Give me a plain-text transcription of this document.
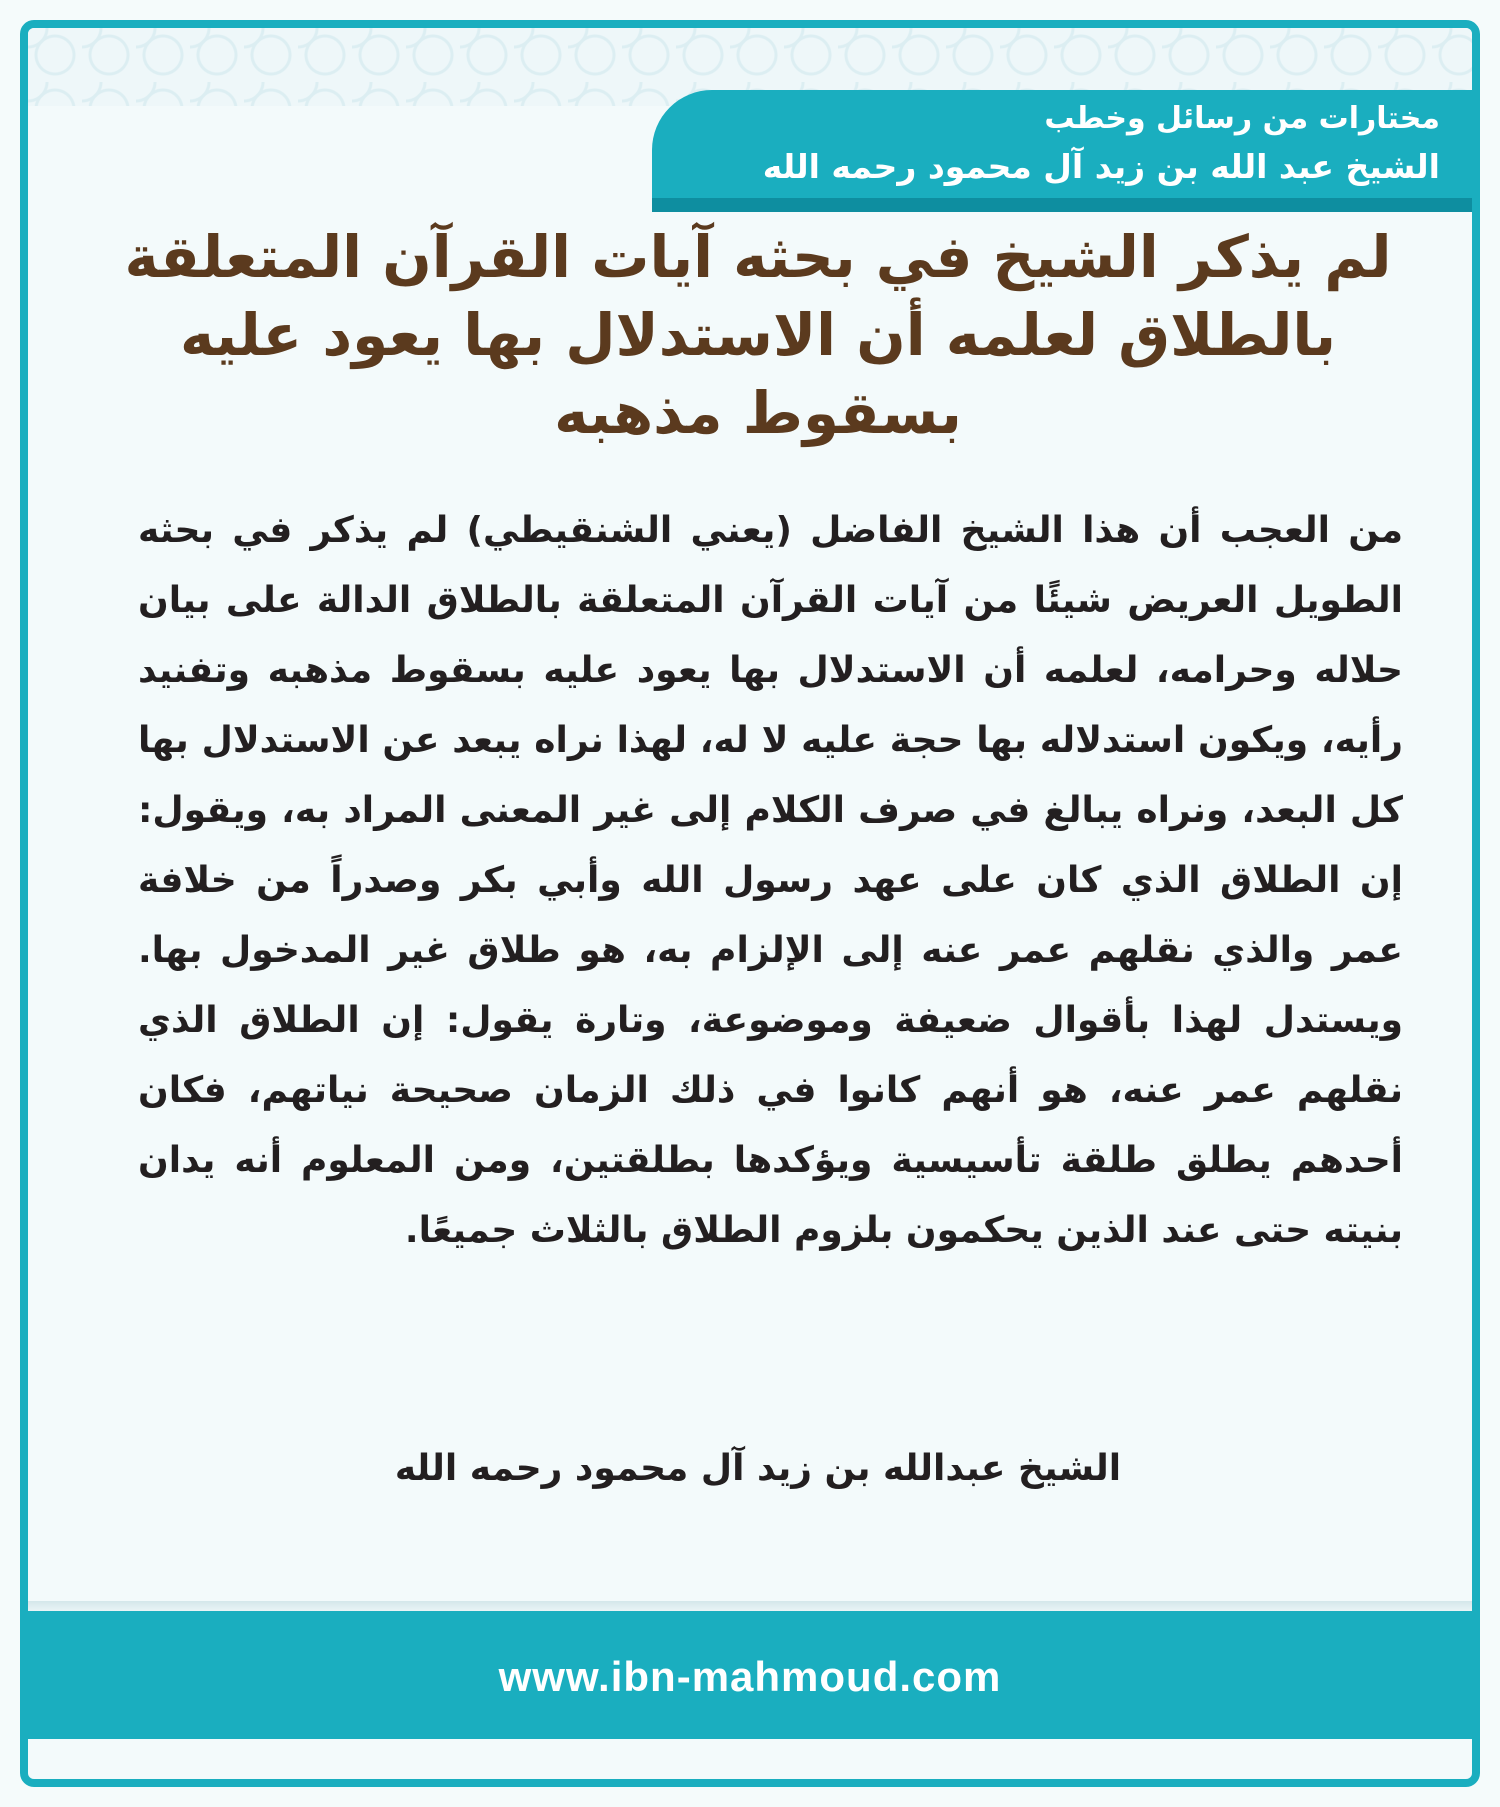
مختارات من رسائل وخطب
الشيخ عبد الله بن زيد آل محمود رحمه الله
لم يذكر الشيخ في بحثه آيات القرآن المتعلقة بالطلاق لعلمه أن الاستدلال بها يعود عليه بسقوط مذهبه
من العجب أن هذا الشيخ الفاضل (يعني الشنقيطي) لم يذكر في بحثه الطويل العريض شيئًا من آيات القرآن المتعلقة بالطلاق الدالة على بيان حلاله وحرامه، لعلمه أن الاستدلال بها يعود عليه بسقوط مذهبه وتفنيد رأيه، ويكون استدلاله بها حجة عليه لا له، لهذا نراه يبعد عن الاستدلال بها كل البعد، ونراه يبالغ في صرف الكلام إلى غير المعنى المراد به، ويقول: إن الطلاق الذي كان على عهد رسول الله وأبي بكر وصدراً من خلافة عمر والذي نقلهم عمر عنه إلى الإلزام به، هو طلاق غير المدخول بها. ويستدل لهذا بأقوال ضعيفة وموضوعة، وتارة يقول: إن الطلاق الذي نقلهم عمر عنه، هو أنهم كانوا في ذلك الزمان صحيحة نياتهم، فكان أحدهم يطلق طلقة تأسيسية ويؤكدها بطلقتين، ومن المعلوم أنه يدان بنيته حتى عند الذين يحكمون بلزوم الطلاق بالثلاث جميعًا.
الشيخ عبدالله بن زيد آل محمود رحمه الله
www.ibn-mahmoud.com
